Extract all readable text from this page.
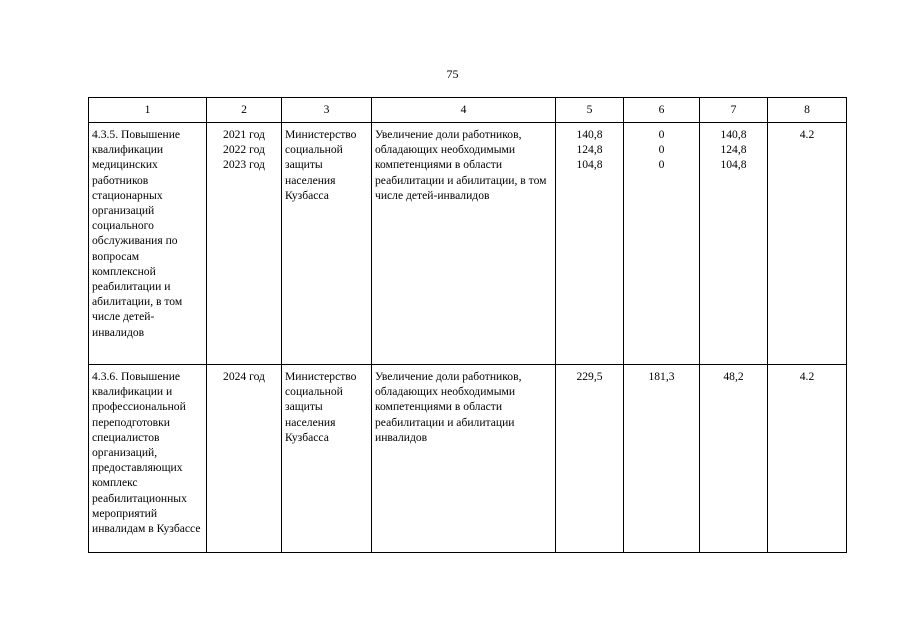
75
1	2	3	4	5	6	7	8
4.3.5. Повышение квалификации медицинских работников стационарных организаций социального обслуживания по вопросам комплексной реабилитации и абилитации, в том числе детей-инвалидов	2021 год
2022 год
2023 год	Министерство социальной защиты населения Кузбасса	Увеличение доли работников, обладающих необходимыми компетенциями в области реабилитации и абилитации, в том числе детей-инвалидов	140,8
124,8
104,8	0
0
0	140,8
124,8
104,8	4.2
4.3.6. Повышение квалификации и профессиональной переподготовки специалистов организаций, предоставляющих комплекс реабилитационных мероприятий инвалидам в Кузбассе	2024 год	Министерство социальной защиты населения Кузбасса	Увеличение доли работников, обладающих необходимыми компетенциями в области реабилитации и абилитации инвалидов	229,5	181,3	48,2	4.2
